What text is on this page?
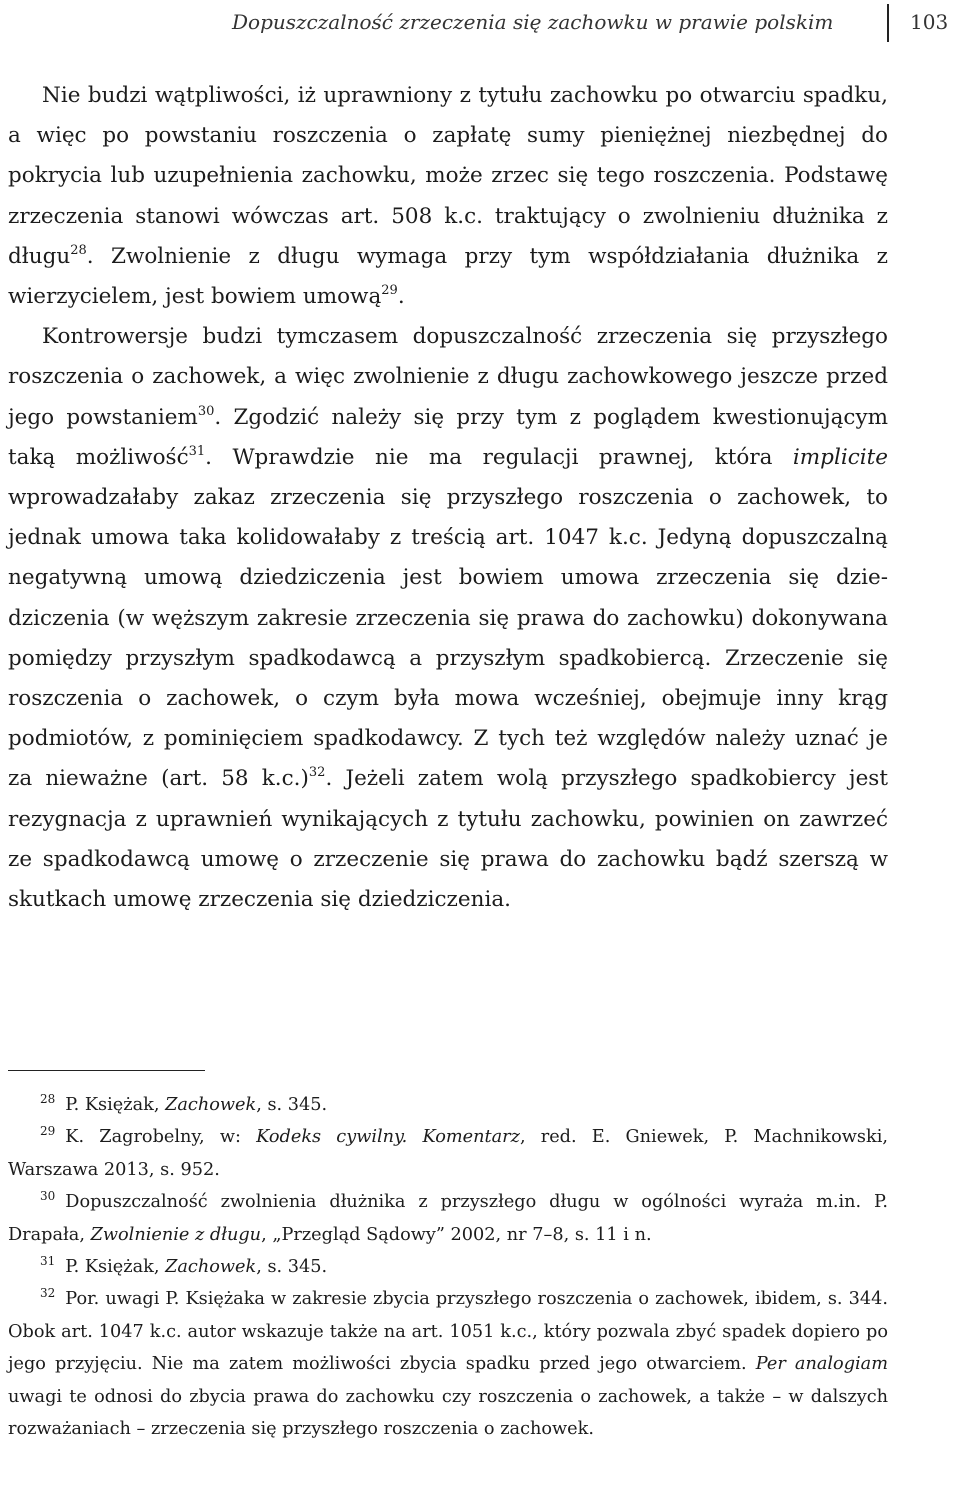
Dopuszczalność zrzeczenia się zachowku w prawie polskim	103

Nie budzi wątpliwości, iż uprawniony z tytułu zachowku po otwarciu spadku, a więc po powstaniu roszczenia o zapłatę sumy pieniężnej niezbędnej do pokrycia lub uzupełnienia zachowku, może zrzec się tego roszczenia. Podstawę zrzeczenia stanowi wówczas art. 508 k.c. traktujący o zwolnieniu dłużnika z długu$^{28}$. Zwolnienie z długu wymaga przy tym współdziałania dłużnika z wierzycielem, jest bowiem umową$^{29}$.

Kontrowersje budzi tymczasem dopuszczalność zrzeczenia się przyszłego roszczenia o zachowek, a więc zwolnienie z długu zachowkowego jeszcze przed jego powstaniem$^{30}$. Zgodzić należy się przy tym z poglądem kwestionującym taką możliwość$^{31}$. Wprawdzie nie ma regulacji prawnej, która implicite wprowadzałaby zakaz zrzeczenia się przyszłego roszczenia o zachowek, to jednak umowa taka kolidowałaby z treścią art. 1047 k.c. Jedyną dopuszczalną negatywną umową dziedziczenia jest bowiem umowa zrzeczenia się dziedziczenia (w węższym zakresie zrzeczenia się prawa do zachowku) dokonywana pomiędzy przyszłym spadkodawcą a przyszłym spadkobiercą. Zrzeczenie się roszczenia o zachowek, o czym była mowa wcześniej, obejmuje inny krąg podmiotów, z pominięciem spadkodawcy. Z tych też względów należy uznać je za nieważne (art. 58 k.c.)$^{32}$. Jeżeli zatem wolą przyszłego spadkobiercy jest rezygnacja z uprawnień wynikających z tytułu zachowku, powinien on zawrzeć ze spadkodawcą umowę o zrzeczenie się prawa do zachowku bądź szerszą w skutkach umowę zrzeczenia się dziedziczenia.

$^{28}$ P. Księżak, Zachowek, s. 345.

$^{29}$ K. Zagrobelny, w: Kodeks cywilny. Komentarz, red. E. Gniewek, P. Machnikowski, Warszawa 2013, s. 952.

$^{30}$ Dopuszczalność zwolnienia dłużnika z przyszłego długu w ogólności wyraża m.in. P. Drapała, Zwolnienie z długu, „Przegląd Sądowy” 2002, nr 7–8, s. 11 i n.

$^{31}$ P. Księżak, Zachowek, s. 345.

$^{32}$ Por. uwagi P. Księżaka w zakresie zbycia przyszłego roszczenia o zachowek, ibidem, s. 344. Obok art. 1047 k.c. autor wskazuje także na art. 1051 k.c., który pozwala zbyć spadek dopiero po jego przyjęciu. Nie ma zatem możliwości zbycia spadku przed jego otwarciem. Per analogiam uwagi te odnosi do zbycia prawa do zachowku czy roszczenia o zachowek, a także – w dalszych rozważaniach – zrzeczenia się przyszłego roszczenia o zachowek.
